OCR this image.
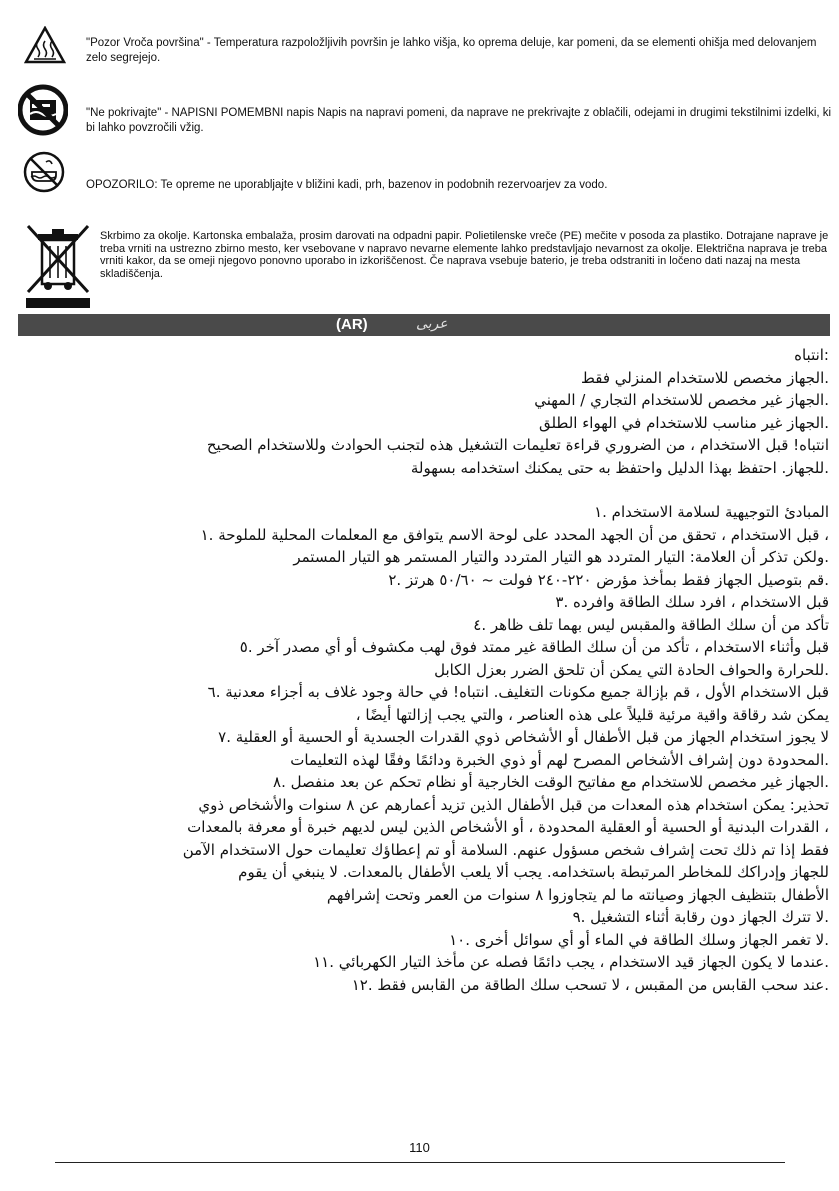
"Pozor Vroča površina" - Temperatura razpoložljivih površin je lahko višja, ko oprema deluje, kar pomeni, da se elementi ohišja med delovanjem zelo segrejejo.
"Ne pokrivajte" - NAPISNI POMEMBNI napis Napis na napravi pomeni, da naprave ne prekrivajte z oblačili, odejami in drugimi tekstilnimi izdelki, ki bi lahko povzročili vžig.
OPOZORILO: Te opreme ne uporabljajte v bližini kadi, prh, bazenov in podobnih rezervoarjev za vodo.
Skrbimo za okolje. Kartonska embalaža, prosim darovati na odpadni papir. Polietilenske vreče (PE) mečite v posoda za plastiko. Dotrajane naprave je treba vrniti na ustrezno zbirno mesto, ker vsebovane v napravo nevarne elemente lahko predstavljajo nevarnost za okolje. Električna naprava je treba vrniti kakor, da se omeji njegovo ponovno uporabo in izkoriščenost. Če naprava vsebuje baterio, je treba odstraniti in ločeno dati nazaj na mesta skladiščenja.
(AR)	عربى

:انتباه

.الجهاز مخصص للاستخدام المنزلي فقط

.الجهاز غير مخصص للاستخدام التجاري / المهني

.الجهاز غير مناسب للاستخدام في الهواء الطلق

انتباه! قبل الاستخدام ، من الضروري قراءة تعليمات التشغيل هذه لتجنب الحوادث وللاستخدام الصحيح

.للجهاز. احتفظ بهذا الدليل واحتفظ به حتى يمكنك استخدامه بسهولة

المبادئ التوجيهية لسلامة الاستخدام .١

، قبل الاستخدام ، تحقق من أن الجهد المحدد على لوحة الاسم يتوافق مع المعلمات المحلية للملوحة .١

.ولكن تذكر أن العلامة: التيار المتردد هو التيار المتردد والتيار المستمر هو التيار المستمر

.قم بتوصيل الجهاز فقط بمأخذ مؤرض ٢٢٠-٢٤٠ فولت ~ ٥٠/٦٠ هرتز .٢

قبل الاستخدام ، افرد سلك الطاقة وافرده .٣

تأكد من أن سلك الطاقة والمقبس ليس بهما تلف ظاهر .٤

قبل وأثناء الاستخدام ، تأكد من أن سلك الطاقة غير ممتد فوق لهب مكشوف أو أي مصدر آخر .٥

.للحرارة والحواف الحادة التي يمكن أن تلحق الضرر بعزل الكابل

قبل الاستخدام الأول ، قم بإزالة جميع مكونات التغليف. انتباه! في حالة وجود غلاف به أجزاء معدنية .٦

يمكن شد رقاقة واقية مرئية قليلاً على هذه العناصر ، والتي يجب إزالتها أيضًا ،

لا يجوز استخدام الجهاز من قبل الأطفال أو الأشخاص ذوي القدرات الجسدية أو الحسية أو العقلية .٧

.المحدودة دون إشراف الأشخاص المصرح لهم أو ذوي الخبرة ودائمًا وفقًا لهذه التعليمات

.الجهاز غير مخصص للاستخدام مع مفاتيح الوقت الخارجية أو نظام تحكم عن بعد منفصل .٨

تحذير: يمكن استخدام هذه المعدات من قبل الأطفال الذين تزيد أعمارهم عن ٨ سنوات والأشخاص ذوي

، القدرات البدنية أو الحسية أو العقلية المحدودة ، أو الأشخاص الذين ليس لديهم خبرة أو معرفة بالمعدات

فقط إذا تم ذلك تحت إشراف شخص مسؤول عنهم. السلامة أو تم إعطاؤك تعليمات حول الاستخدام الآمن

للجهاز وإدراكك للمخاطر المرتبطة باستخدامه. يجب ألا يلعب الأطفال بالمعدات. لا ينبغي أن يقوم

الأطفال بتنظيف الجهاز وصيانته ما لم يتجاوزوا ٨ سنوات من العمر وتحت إشرافهم

.لا تترك الجهاز دون رقابة أثناء التشغيل .٩

.لا تغمر الجهاز وسلك الطاقة في الماء أو أي سوائل أخرى .١٠

.عندما لا يكون الجهاز قيد الاستخدام ، يجب دائمًا فصله عن مأخذ التيار الكهربائي .١١

.عند سحب القابس من المقبس ، لا تسحب سلك الطاقة من القابس فقط .١٢

110
